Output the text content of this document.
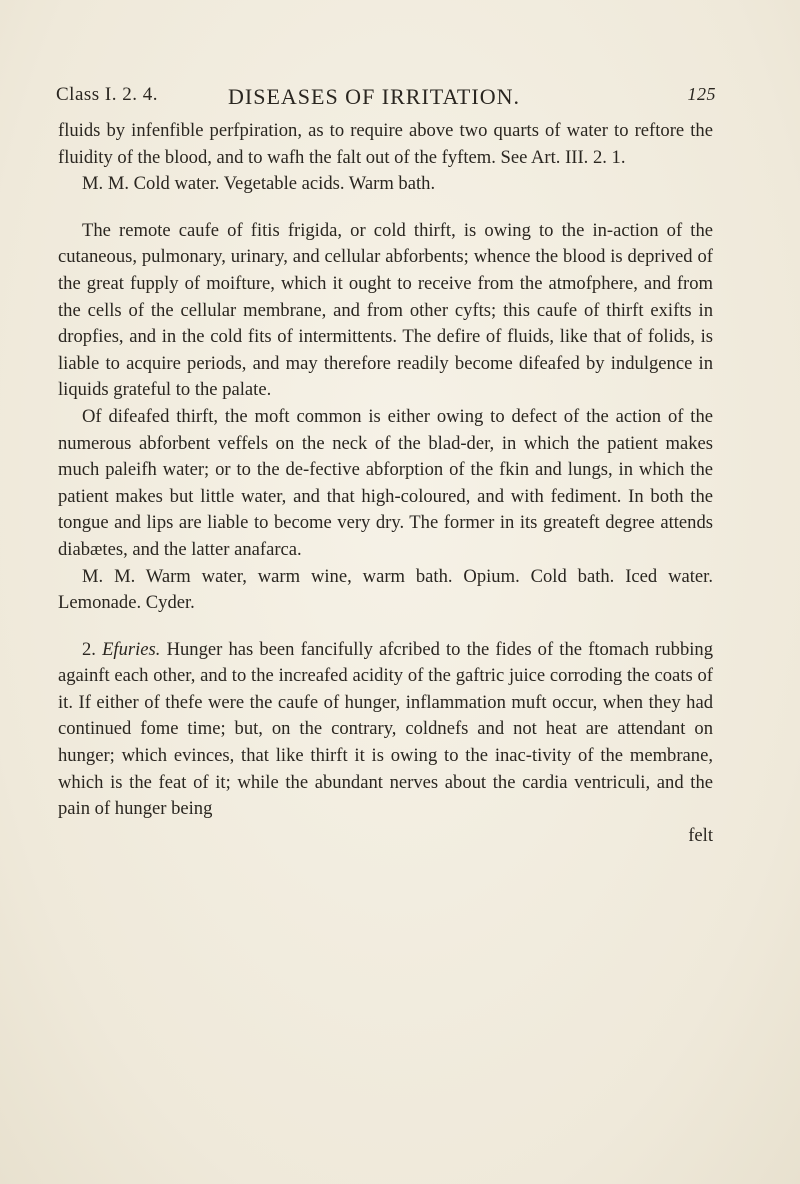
Class I. 2. 4.	DISEASES OF IRRITATION.	125

fluids by infenfible perfpiration, as to require above two quarts of water to reftore the fluidity of the blood, and to wafh the falt out of the fyftem. See Art. III. 2. 1.

M. M. Cold water. Vegetable acids. Warm bath.

The remote caufe of fitis frigida, or cold thirft, is owing to the in-action of the cutaneous, pulmonary, urinary, and cellular abforbents; whence the blood is deprived of the great fupply of moifture, which it ought to receive from the atmofphere, and from the cells of the cellular membrane, and from other cyfts; this caufe of thirft exifts in dropfies, and in the cold fits of intermittents. The defire of fluids, like that of folids, is liable to acquire periods, and may therefore readily become difeafed by indulgence in liquids grateful to the palate.

Of difeafed thirft, the moft common is either owing to defect of the action of the numerous abforbent veffels on the neck of the blad-der, in which the patient makes much paleifh water; or to the de-fective abforption of the fkin and lungs, in which the patient makes but little water, and that high-coloured, and with fediment. In both the tongue and lips are liable to become very dry. The former in its greateft degree attends diabætes, and the latter anafarca.

M. M. Warm water, warm wine, warm bath. Opium. Cold bath. Iced water. Lemonade. Cyder.

2. Efuries. Hunger has been fancifully afcribed to the fides of the ftomach rubbing againft each other, and to the increafed acidity of the gaftric juice corroding the coats of it. If either of thefe were the caufe of hunger, inflammation muft occur, when they had continued fome time; but, on the contrary, coldnefs and not heat are attendant on hunger; which evinces, that like thirft it is owing to the inac-tivity of the membrane, which is the feat of it; while the abundant nerves about the cardia ventriculi, and the pain of hunger being

felt
